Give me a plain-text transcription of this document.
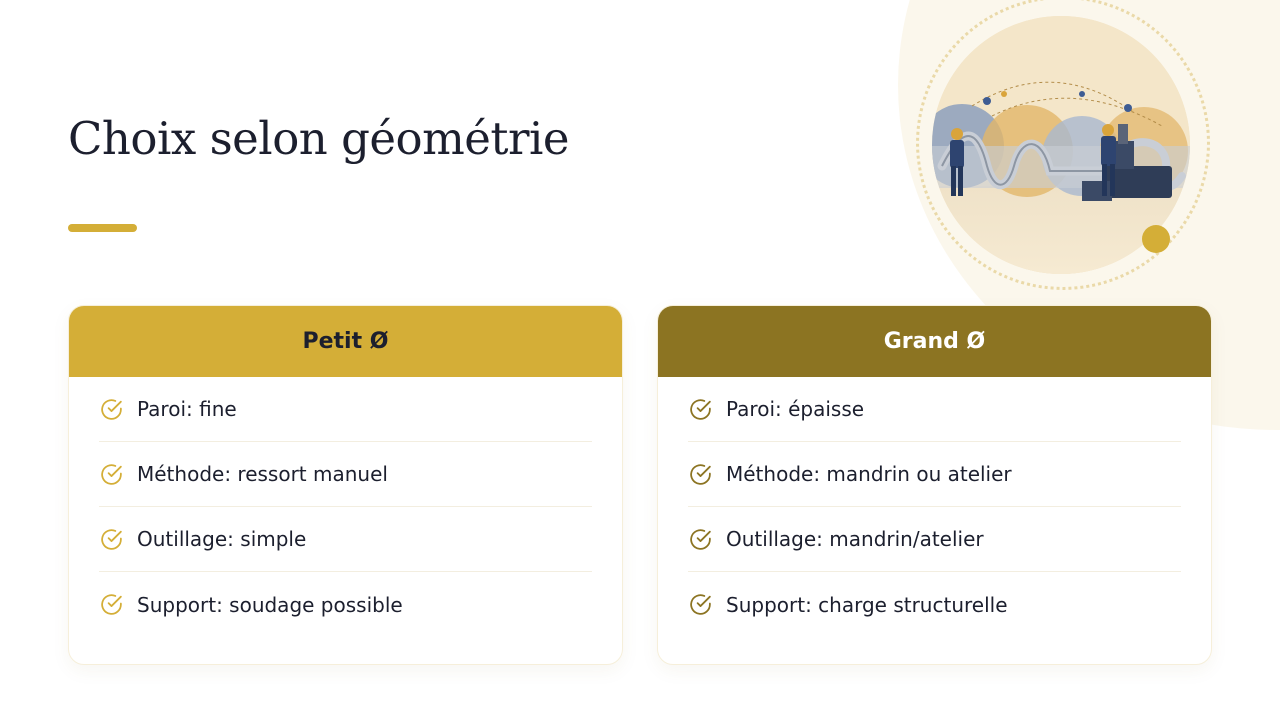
Choix selon géométrie
Petit Ø
Paroi: fine
Méthode: ressort manuel
Outillage: simple
Support: soudage possible
Grand Ø
Paroi: épaisse
Méthode: mandrin ou atelier
Outillage: mandrin/atelier
Support: charge structurelle
